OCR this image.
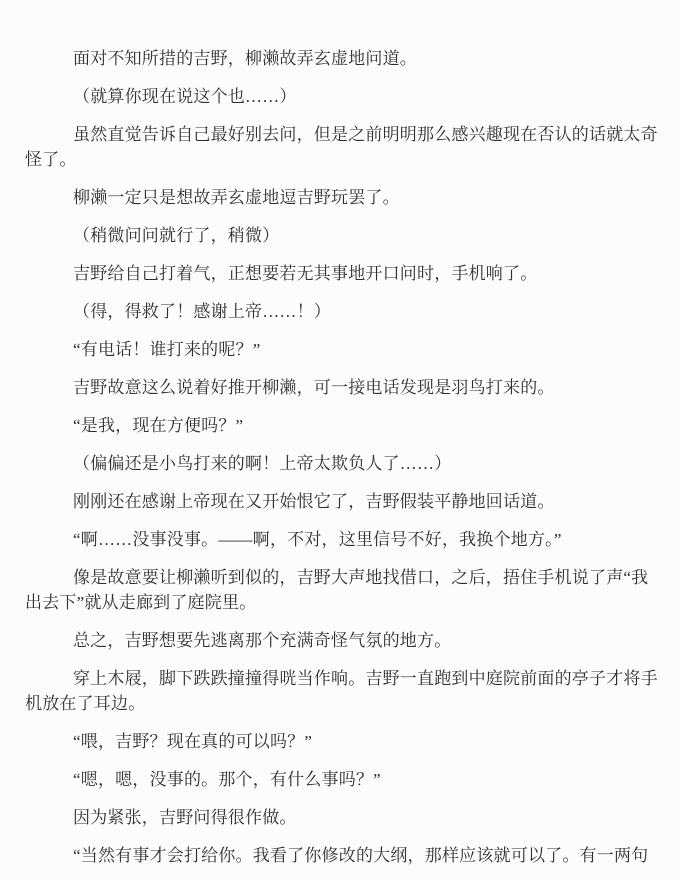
面对不知所措的吉野，柳濑故弄玄虚地问道。

（就算你现在说这个也……）

虽然直觉告诉自己最好别去问，但是之前明明那么感兴趣现在否认的话就太奇怪了。

柳濑一定只是想故弄玄虚地逗吉野玩罢了。

（稍微问问就行了，稍微）

吉野给自己打着气，正想要若无其事地开口问时，手机响了。

（得，得救了！感谢上帝……！）

“有电话！谁打来的呢？”

吉野故意这么说着好推开柳濑，可一接电话发现是羽鸟打来的。

“是我，现在方便吗？”

（偏偏还是小鸟打来的啊！上帝太欺负人了……）

刚刚还在感谢上帝现在又开始恨它了，吉野假装平静地回话道。

“啊……没事没事。——啊，不对，这里信号不好，我换个地方。”

像是故意要让柳濑听到似的，吉野大声地找借口，之后，捂住手机说了声“我出去下”就从走廊到了庭院里。

总之，吉野想要先逃离那个充满奇怪气氛的地方。

穿上木屐，脚下跌跌撞撞得咣当作响。吉野一直跑到中庭院前面的亭子才将手机放在了耳边。

“喂，吉野？现在真的可以吗？”

“嗯，嗯，没事的。那个，有什么事吗？”

因为紧张，吉野问得很作做。

“当然有事才会打给你。我看了你修改的大纲，那样应该就可以了。有一两句
